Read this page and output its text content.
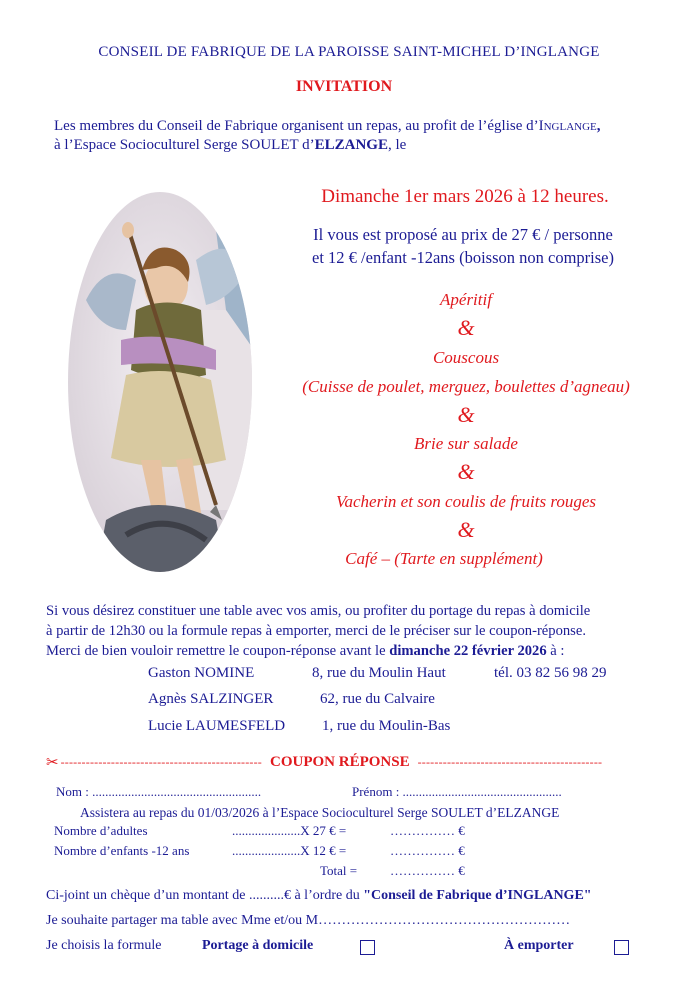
CONSEIL DE FABRIQUE DE LA PAROISSE SAINT-MICHEL D’INGLANGE
INVITATION
Les membres du Conseil de Fabrique organisent un repas, au profit de l’église d’Inglange,
à l’Espace Socioculturel Serge SOULET d’ELZANGE, le
Dimanche 1er mars 2026 à 12 heures.
Il vous est proposé au prix de 27 € / personne
et 12 € /enfant -12ans (boisson non comprise)
Apéritif
&
Couscous
(Cuisse de poulet, merguez, boulettes d’agneau)
&
Brie sur salade
&
Vacherin et son coulis de fruits rouges
&
Café – (Tarte en supplément)
Si vous désirez constituer une table avec vos amis, ou profiter du portage du repas à domicile
à partir de 12h30 ou la formule repas à emporter, merci de le préciser sur le coupon-réponse.
Merci de bien vouloir remettre le coupon-réponse avant le dimanche 22 février 2026 à :
Gaston NOMINE	8, rue du Moulin Haut	tél. 03 82 56 98 29
Agnès SALZINGER	62, rue du Calvaire
Lucie LAUMESFELD 1, rue du Moulin-Bas
✂ ------------------------------------------------ COUPON RÉPONSE --------------------------------------------
Nom : ....................................................	Prénom : .................................................
Assistera au repas du 01/03/2026 à l’Espace Socioculturel Serge SOULET d’ELZANGE
Nombre d’adultes	.....................X 27 € =	…………… €
Nombre d’enfants -12 ans	.....................X 12 € =	…………… €
Total =	…………… €
Ci-joint un chèque d’un montant de ..........€ à l’ordre du "Conseil de Fabrique d’INGLANGE"
Je souhaite partager ma table avec Mme et/ou M………………………………………………
Je choisis la formule	Portage à domicile	À emporter
